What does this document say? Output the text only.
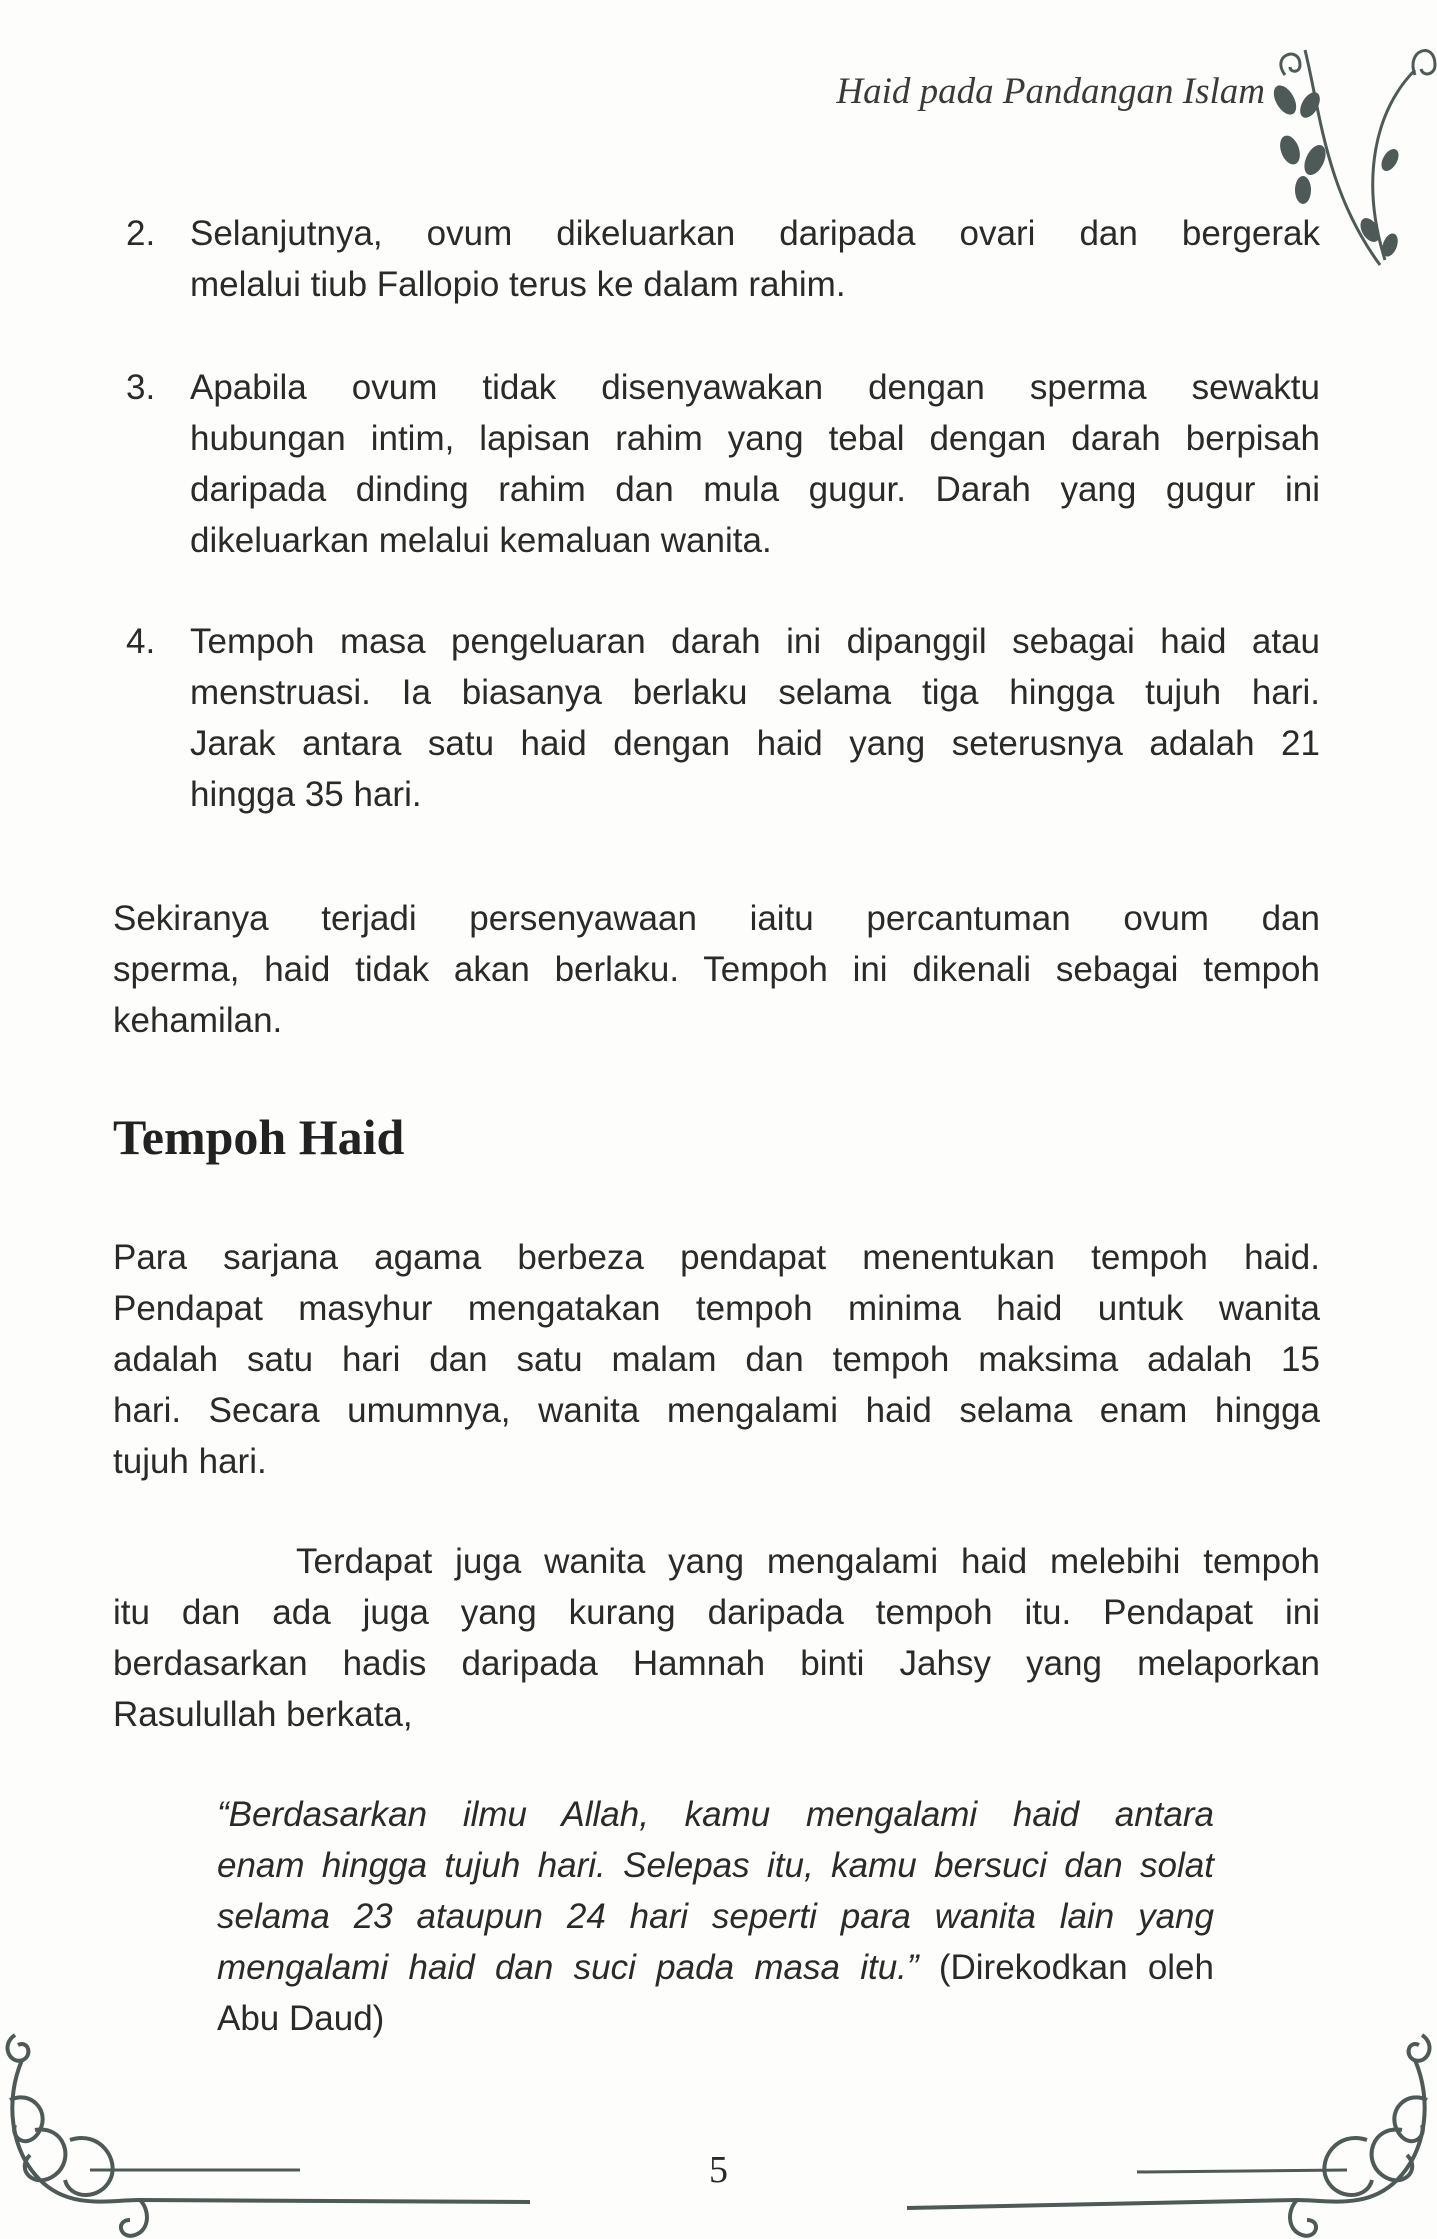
Haid pada Pandangan Islam
2. Selanjutnya, ovum dikeluarkan daripada ovari dan bergerak
melalui tiub Fallopio terus ke dalam rahim.
3. Apabila ovum tidak disenyawakan dengan sperma sewaktu
hubungan intim, lapisan rahim yang tebal dengan darah berpisah
daripada dinding rahim dan mula gugur. Darah yang gugur ini
dikeluarkan melalui kemaluan wanita.
4. Tempoh masa pengeluaran darah ini dipanggil sebagai haid atau
menstruasi. Ia biasanya berlaku selama tiga hingga tujuh hari.
Jarak antara satu haid dengan haid yang seterusnya adalah 21
hingga 35 hari.
Sekiranya terjadi persenyawaan iaitu percantuman ovum dan
sperma, haid tidak akan berlaku. Tempoh ini dikenali sebagai tempoh
kehamilan.
Tempoh Haid
Para sarjana agama berbeza pendapat menentukan tempoh haid.
Pendapat masyhur mengatakan tempoh minima haid untuk wanita
adalah satu hari dan satu malam dan tempoh maksima adalah 15
hari. Secara umumnya, wanita mengalami haid selama enam hingga
tujuh hari.
Terdapat juga wanita yang mengalami haid melebihi tempoh
itu dan ada juga yang kurang daripada tempoh itu. Pendapat ini
berdasarkan hadis daripada Hamnah binti Jahsy yang melaporkan
Rasulullah berkata,
“Berdasarkan ilmu Allah, kamu mengalami haid antara
enam hingga tujuh hari. Selepas itu, kamu bersuci dan solat
selama 23 ataupun 24 hari seperti para wanita lain yang
mengalami haid dan suci pada masa itu.” (Direkodkan oleh
Abu Daud)
5
